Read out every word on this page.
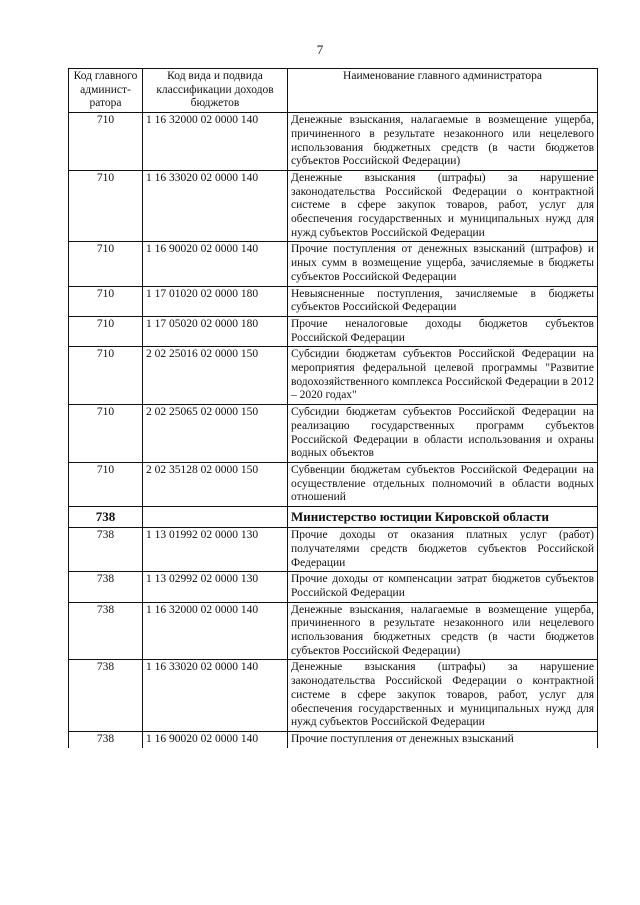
7
Код главного админист-ратора	Код вида и подвида классификации доходов бюджетов	Наименование главного администратора
710	1 16 32000 02 0000 140	Денежные взыскания, налагаемые в возмещение ущерба, причиненного в результате незаконного или нецелевого использования бюджетных средств (в части бюджетов субъектов Российской Федерации)
710	1 16 33020 02 0000 140	Денежные взыскания (штрафы) за нарушение законодательства Российской Федерации о контрактной системе в сфере закупок товаров, работ, услуг для обеспечения государственных и муниципальных нужд для нужд субъектов Российской Федерации
710	1 16 90020 02 0000 140	Прочие поступления от денежных взысканий (штрафов) и иных сумм в возмещение ущерба, зачисляемые в бюджеты субъектов Российской Федерации
710	1 17 01020 02 0000 180	Невыясненные поступления, зачисляемые в бюджеты субъектов Российской Федерации
710	1 17 05020 02 0000 180	Прочие неналоговые доходы бюджетов субъектов Российской Федерации
710	2 02 25016 02 0000 150	Субсидии бюджетам субъектов Российской Федерации на мероприятия федеральной целевой программы "Развитие водохозяйственного комплекса Российской Федерации в 2012 – 2020 годах"
710	2 02 25065 02 0000 150	Субсидии бюджетам субъектов Российской Федерации на реализацию государственных программ субъектов Российской Федерации в области использования и охраны водных объектов
710	2 02 35128 02 0000 150	Субвенции бюджетам субъектов Российской Федерации на осуществление отдельных полномочий в области водных отношений
738		Министерство юстиции Кировской области
738	1 13 01992 02 0000 130	Прочие доходы от оказания платных услуг (работ) получателями средств бюджетов субъектов Российской Федерации
738	1 13 02992 02 0000 130	Прочие доходы от компенсации затрат бюджетов субъектов Российской Федерации
738	1 16 32000 02 0000 140	Денежные взыскания, налагаемые в возмещение ущерба, причиненного в результате незаконного или нецелевого использования бюджетных средств (в части бюджетов субъектов Российской Федерации)
738	1 16 33020 02 0000 140	Денежные взыскания (штрафы) за нарушение законодательства Российской Федерации о контрактной системе в сфере закупок товаров, работ, услуг для обеспечения государственных и муниципальных нужд для нужд субъектов Российской Федерации
738	1 16 90020 02 0000 140	Прочие поступления от денежных взысканий
